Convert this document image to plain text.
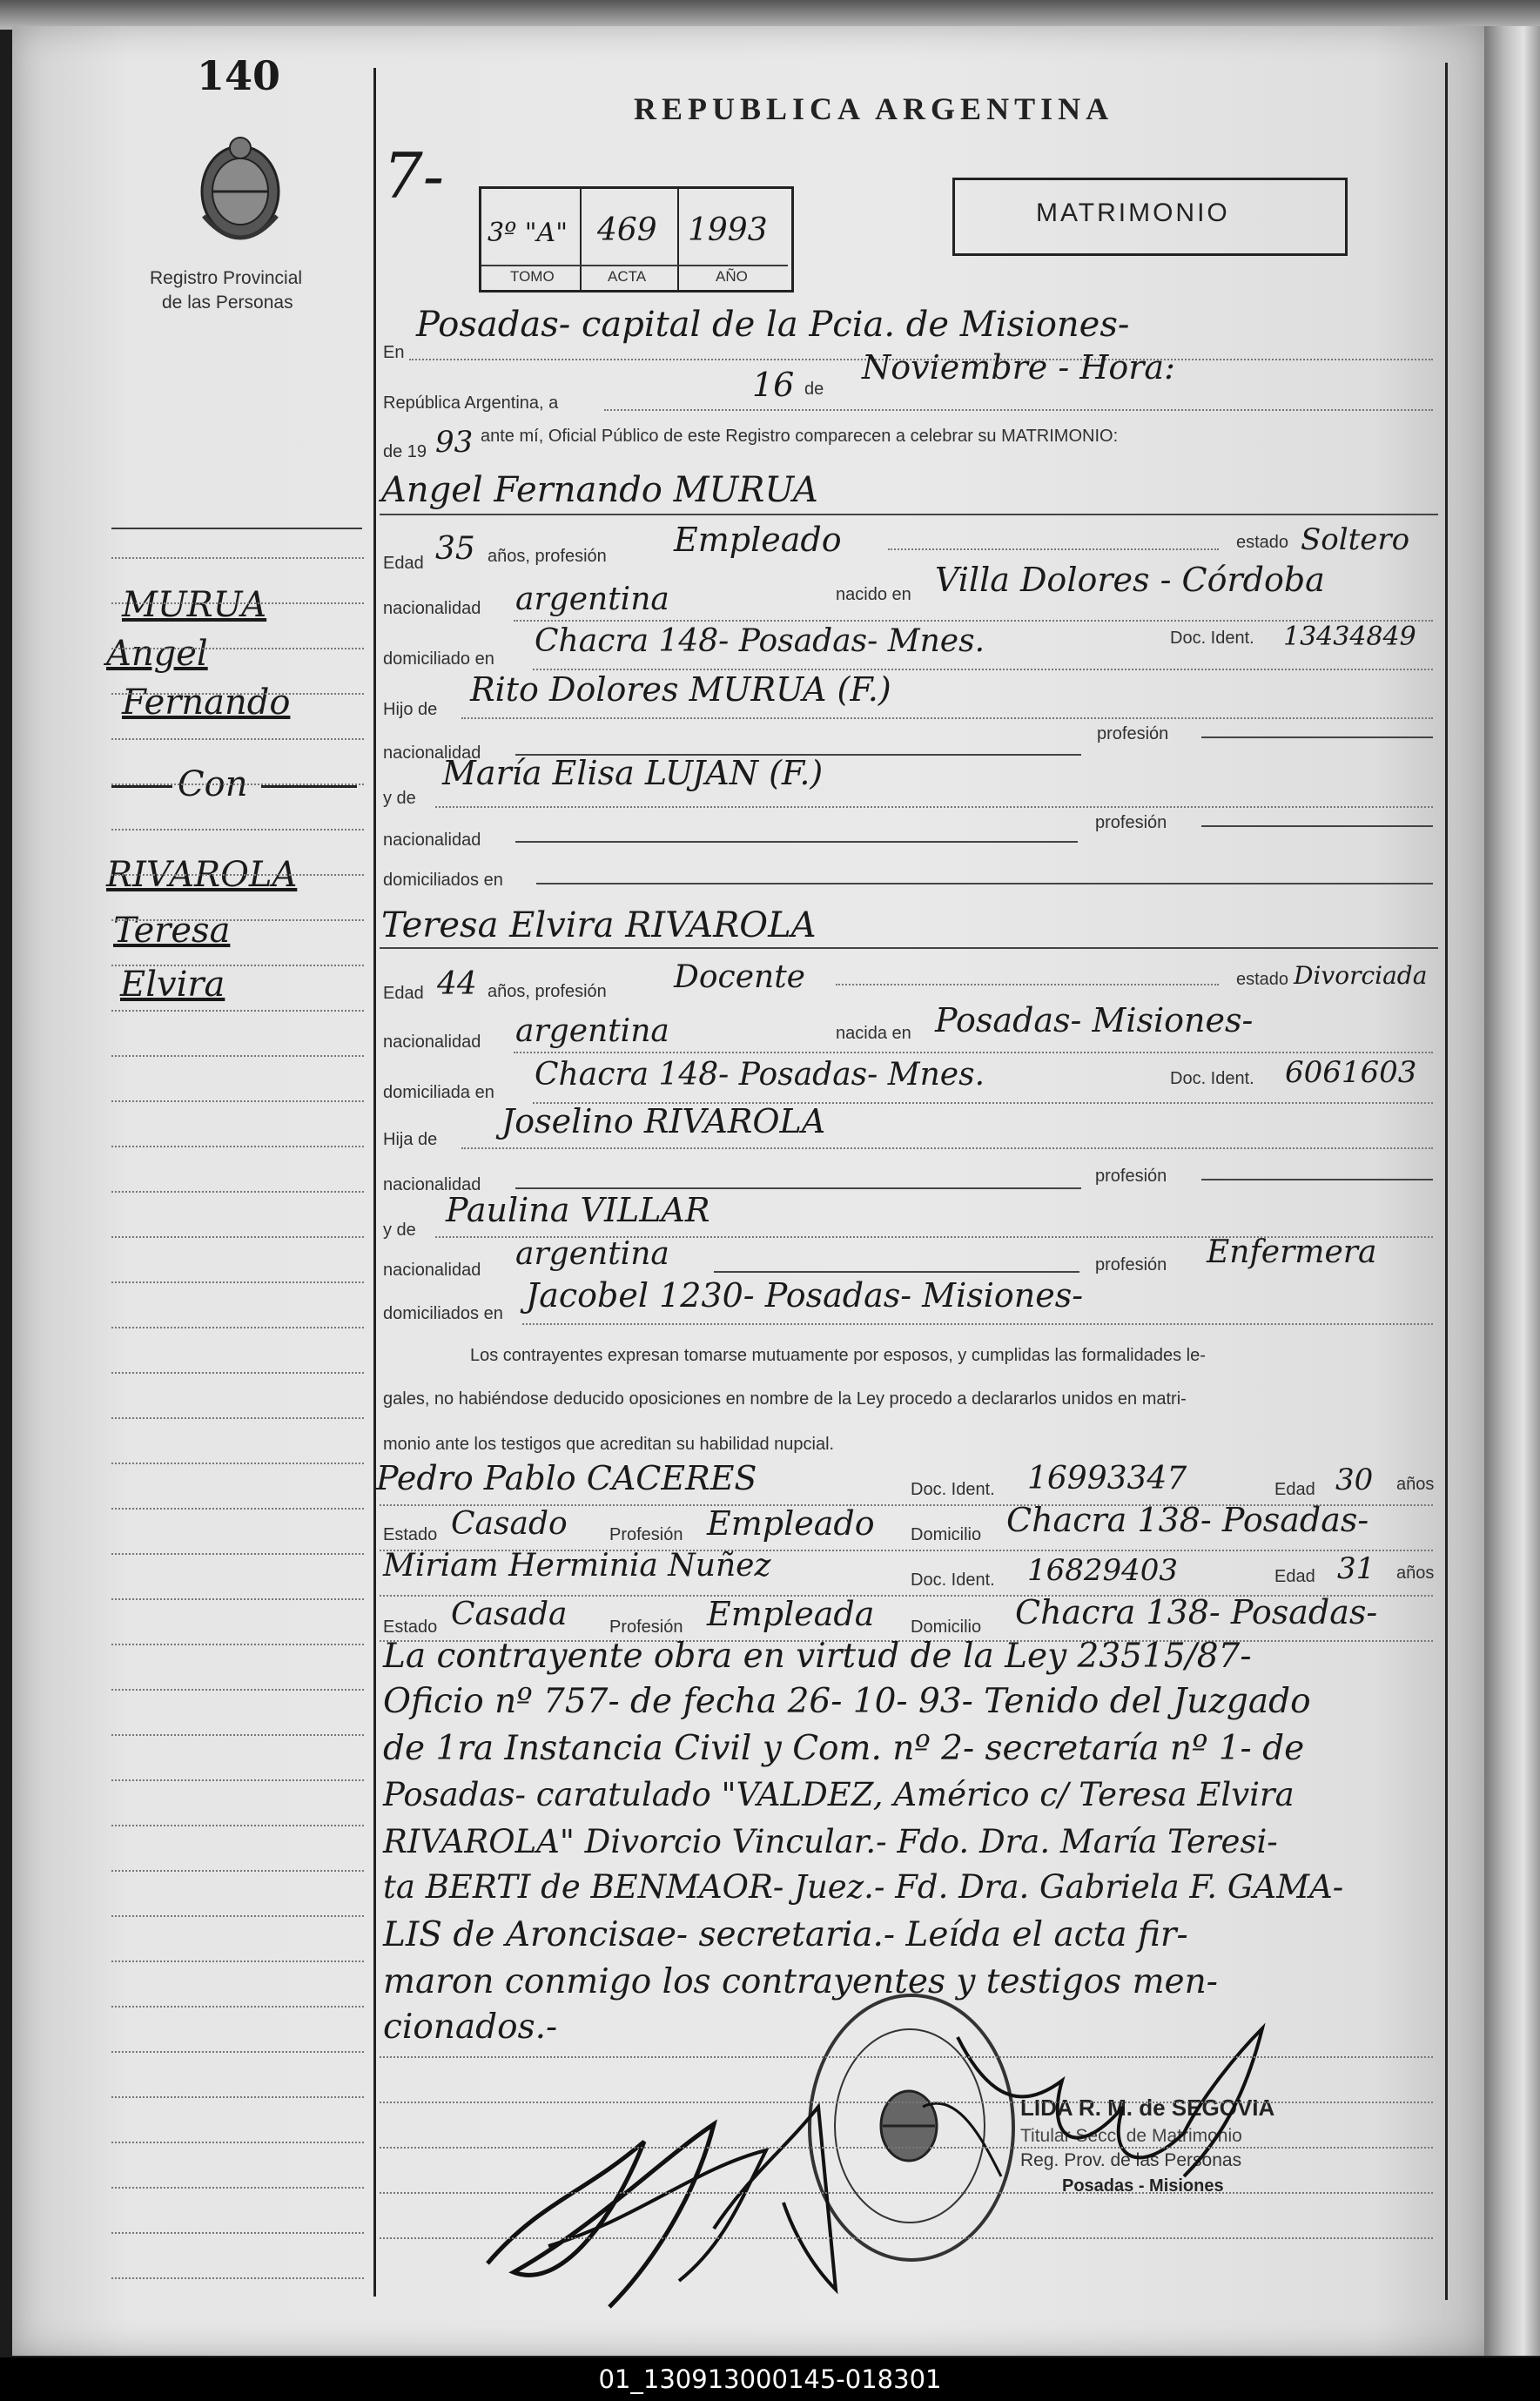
140
Registro Provincial
de las Personas
REPUBLICA ARGENTINA
7-
3º "A" 469 1993
TOMO	ACTA	AÑO
MATRIMONIO
En
Posadas- capital de la Pcia. de Misiones-
República Argentina, a	16 de
Noviembre - Hora:
de 19 93 ante mí, Oficial Público de este Registro comparecen a celebrar su MATRIMONIO:
MURUA
Angel
Fernando
Con
RIVAROLA
Teresa
Elvira
Angel Fernando MURUA
Edad 35 años, profesión Empleado	estado Soltero
nacionalidad argentina	nacido en Villa Dolores - Córdoba
domiciliado en Chacra 148- Posadas- Mnes.	Doc. Ident. 13434849
Hijo de
Rito Dolores MURUA (F.)
nacionalidad
profesión
y de
María Elisa LUJAN (F.)
nacionalidad
profesión
domiciliados en
Teresa Elvira RIVAROLA
Edad 44 años, profesión Docente	estado Divorciada
nacionalidad argentina	nacida en Posadas- Misiones-
domiciliada en Chacra 148- Posadas- Mnes.	Doc. Ident. 6061603
Hija de Joselino RIVAROLA
nacionalidad	profesión
y de
Paulina VILLAR
nacionalidad argentina	profesión Enfermera
domiciliados en Jacobel 1230- Posadas- Misiones-
Los contrayentes expresan tomarse mutuamente por esposos, y cumplidas las formalidades le-
gales, no habiéndose deducido oposiciones en nombre de la Ley procedo a declararlos unidos en matri-
monio ante los testigos que acreditan su habilidad nupcial.
Pedro Pablo CACERES	Doc. Ident. 16993347	Edad 30 años
Estado Casado Profesión Empleado Domicilio Chacra 138- Posadas-
Miriam Herminia Nuñez	Doc. Ident. 16829403	Edad 31 años
Estado Casada Profesión Empleada Domicilio Chacra 138- Posadas-
La contrayente obra en virtud de la Ley 23515/87-
Oficio nº 757- de fecha 26- 10- 93- Tenido del Juzgado
de 1ra Instancia Civil y Com. nº 2- secretaría nº 1- de
Posadas- caratulado "VALDEZ, Américo c/ Teresa Elvira
RIVAROLA" Divorcio Vincular.- Fdo. Dra. María Teresi-
ta BERTI de BENMAOR- Juez.- Fd. Dra. Gabriela F. GAMA-
LIS de Aroncisae- secretaria.- Leída el acta fir-
maron conmigo los contrayentes y testigos men-
cionados.-
LIDA R. M. de SEGOVIA
Titular Secc. de Matrimonio
Reg. Prov. de las Personas
Posadas - Misiones
01_130913000145-018301
